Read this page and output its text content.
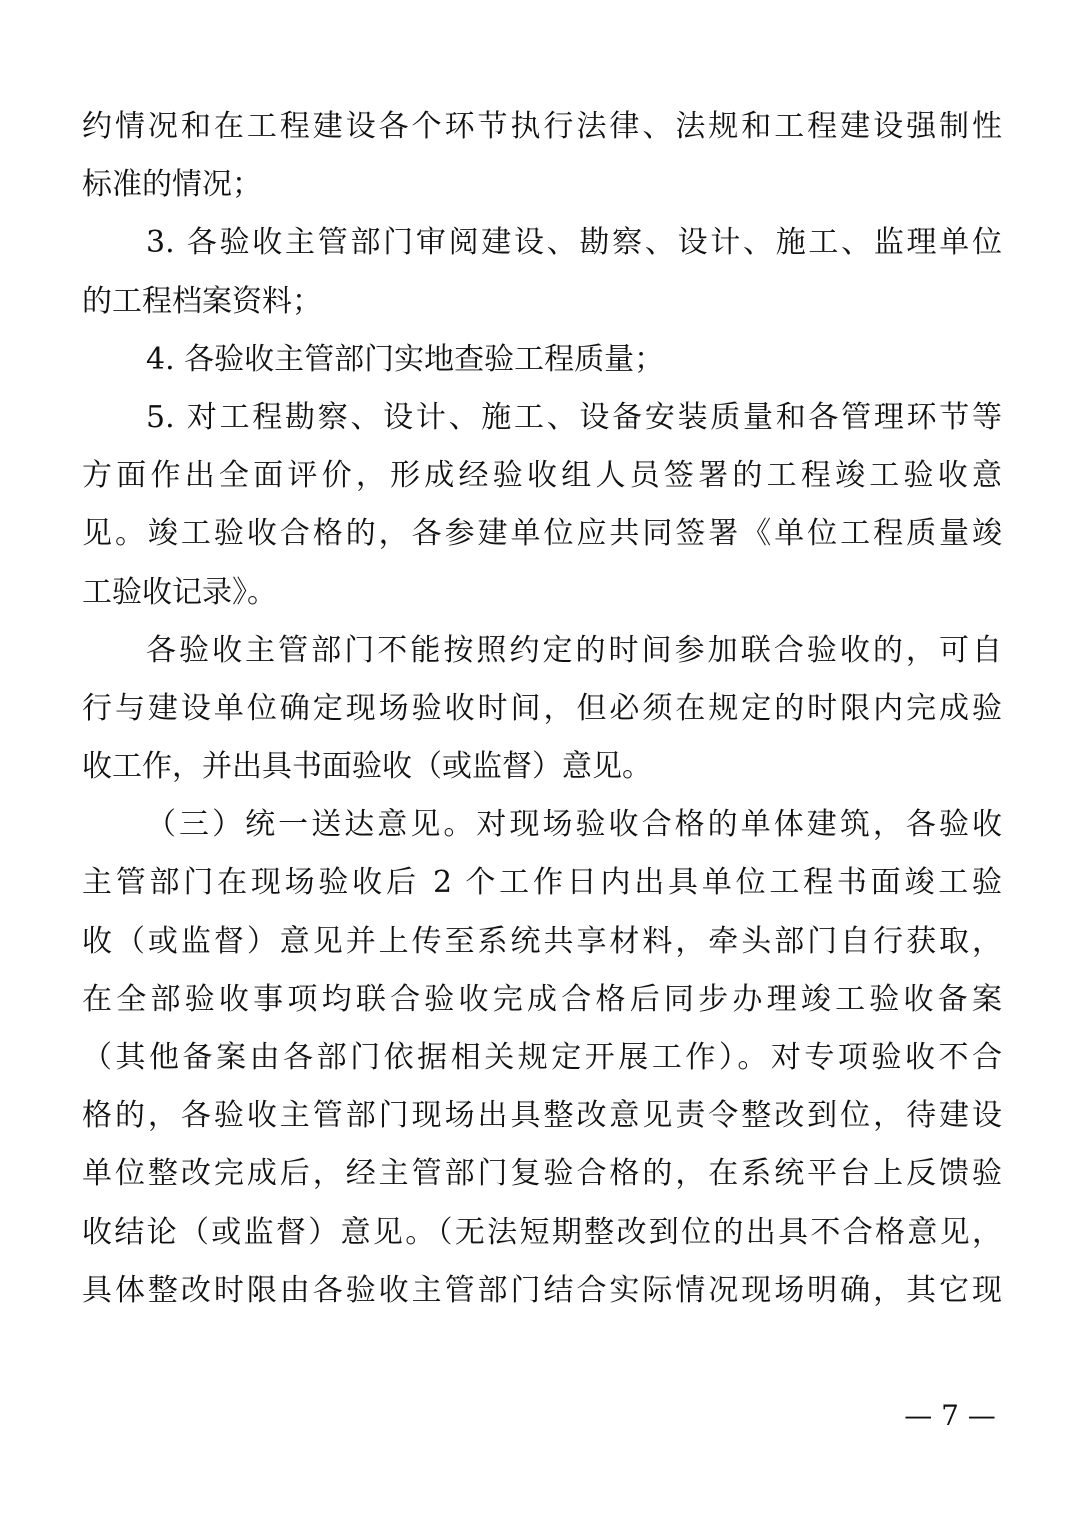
约情况和在工程建设各个环节执行法律、法规和工程建设强制性
标准的情况；
3. 各验收主管部门审阅建设、勘察、设计、施工、监理单位
的工程档案资料；
4. 各验收主管部门实地查验工程质量；
5. 对工程勘察、设计、施工、设备安装质量和各管理环节等
方面作出全面评价，形成经验收组人员签署的工程竣工验收意
见。竣工验收合格的，各参建单位应共同签署《单位工程质量竣
工验收记录》。
各验收主管部门不能按照约定的时间参加联合验收的，可自
行与建设单位确定现场验收时间，但必须在规定的时限内完成验
收工作，并出具书面验收（或监督）意见。
（三）统一送达意见。对现场验收合格的单体建筑，各验收
主管部门在现场验收后 2 个工作日内出具单位工程书面竣工验
收（或监督）意见并上传至系统共享材料，牵头部门自行获取，
在全部验收事项均联合验收完成合格后同步办理竣工验收备案
（其他备案由各部门依据相关规定开展工作）。对专项验收不合
格的，各验收主管部门现场出具整改意见责令整改到位，待建设
单位整改完成后，经主管部门复验合格的，在系统平台上反馈验
收结论（或监督）意见。（无法短期整改到位的出具不合格意见，
具体整改时限由各验收主管部门结合实际情况现场明确，其它现
— 7 —
